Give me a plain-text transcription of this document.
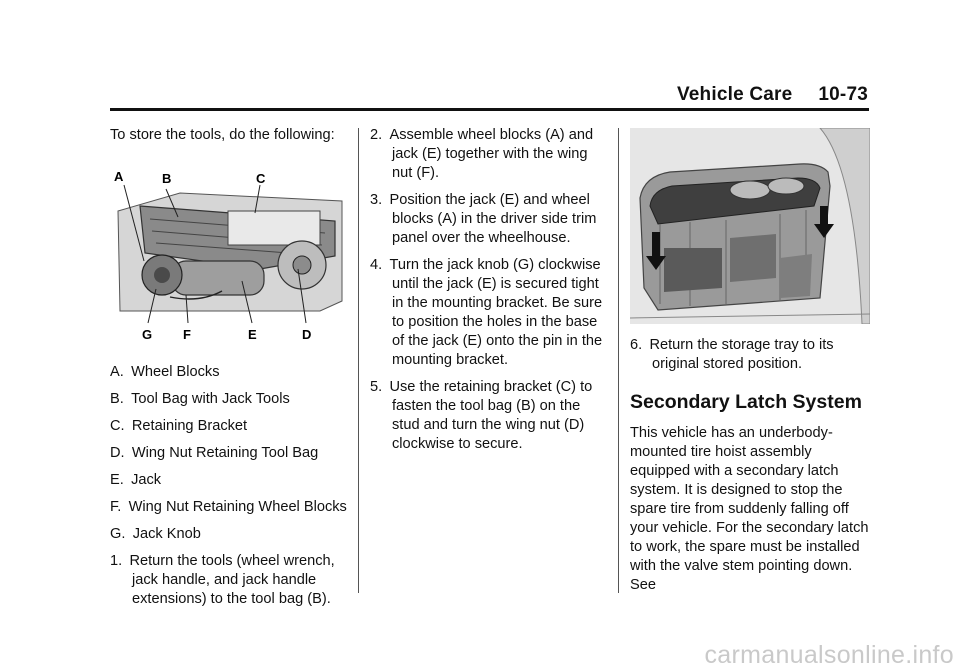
Vehicle Care 10-73

To store the tools, do the following:

A	B	C
D
E
F
G

A. Wheel Blocks

B. Tool Bag with Jack Tools

C. Retaining Bracket

D. Wing Nut Retaining Tool Bag

E. Jack

F. Wing Nut Retaining Wheel Blocks

G. Jack Knob

1. Return the tools (wheel wrench, jack handle, and jack handle extensions) to the tool bag (B).

2. Assemble wheel blocks (A) and jack (E) together with the wing nut (F).

3. Position the jack (E) and wheel blocks (A) in the driver side trim panel over the wheelhouse.

4. Turn the jack knob (G) clockwise until the jack (E) is secured tight in the mounting bracket. Be sure to position the holes in the base of the jack (E) onto the pin in the mounting bracket.

5. Use the retaining bracket (C) to fasten the tool bag (B) on the stud and turn the wing nut (D) clockwise to secure.

6. Return the storage tray to its original stored position.

Secondary Latch System

This vehicle has an underbody-mounted tire hoist assembly equipped with a secondary latch system. It is designed to stop the spare tire from suddenly falling off your vehicle. For the secondary latch to work, the spare must be installed with the valve stem pointing down. See

carmanualsonline.info
